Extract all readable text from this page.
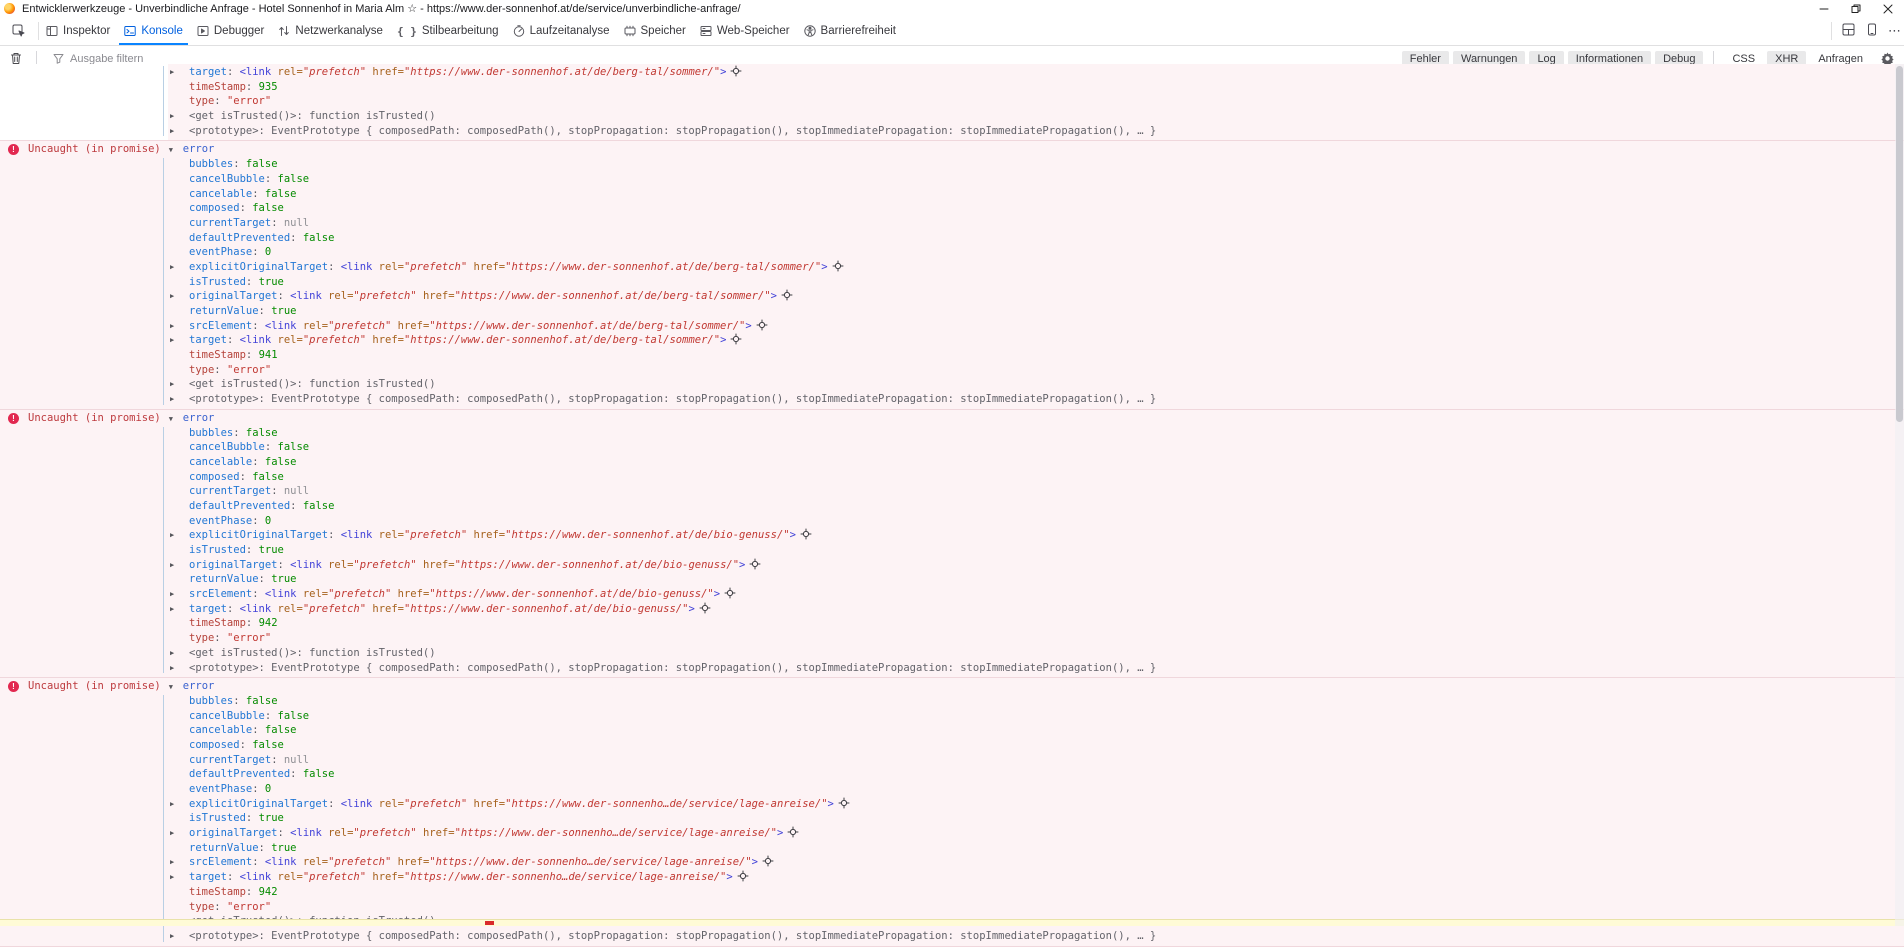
Entwicklerwerkzeuge - Unverbindliche Anfrage - Hotel Sonnenhof in Maria Alm ☆ - https://www.der-sonnenhof.at/de/service/unverbindliche-anfrage/
Inspektor	Konsole	Debugger	Netzwerkanalyse { } Stilbearbeitung	Laufzeitanalyse	Speicher	Web-Speicher	Barrierefreiheit	⋯
Ausgabe filtern	Fehler	Warnungen	Log	Informationen	Debug	CSS	XHR	Anfragen
▶	target: <link rel="prefetch" href="https://www.der-sonnenhof.at/de/berg-tal/sommer/">
timeStamp: 935
type: "error"
▶	<get isTrusted()>: function isTrusted()
▶	<prototype>: EventPrototype { composedPath: composedPath(), stopPropagation: stopPropagation(), stopImmediatePropagation: stopImmediatePropagation(), … }
!	Uncaught (in promise) ▼ error
bubbles: false
cancelBubble: false
cancelable: false
composed: false
currentTarget: null
defaultPrevented: false
eventPhase: 0
▶	explicitOriginalTarget: <link rel="prefetch" href="https://www.der-sonnenhof.at/de/berg-tal/sommer/">
isTrusted: true
▶	originalTarget: <link rel="prefetch" href="https://www.der-sonnenhof.at/de/berg-tal/sommer/">
returnValue: true
▶	srcElement: <link rel="prefetch" href="https://www.der-sonnenhof.at/de/berg-tal/sommer/">
▶	target: <link rel="prefetch" href="https://www.der-sonnenhof.at/de/berg-tal/sommer/">
timeStamp: 941
type: "error"
▶	<get isTrusted()>: function isTrusted()
▶	<prototype>: EventPrototype { composedPath: composedPath(), stopPropagation: stopPropagation(), stopImmediatePropagation: stopImmediatePropagation(), … }
!	Uncaught (in promise) ▼ error
bubbles: false
cancelBubble: false
cancelable: false
composed: false
currentTarget: null
defaultPrevented: false
eventPhase: 0
▶	explicitOriginalTarget: <link rel="prefetch" href="https://www.der-sonnenhof.at/de/bio-genuss/">
isTrusted: true
▶	originalTarget: <link rel="prefetch" href="https://www.der-sonnenhof.at/de/bio-genuss/">
returnValue: true
▶	srcElement: <link rel="prefetch" href="https://www.der-sonnenhof.at/de/bio-genuss/">
▶	target: <link rel="prefetch" href="https://www.der-sonnenhof.at/de/bio-genuss/">
timeStamp: 942
type: "error"
▶	<get isTrusted()>: function isTrusted()
▶	<prototype>: EventPrototype { composedPath: composedPath(), stopPropagation: stopPropagation(), stopImmediatePropagation: stopImmediatePropagation(), … }
!	Uncaught (in promise) ▼ error
bubbles: false
cancelBubble: false
cancelable: false
composed: false
currentTarget: null
defaultPrevented: false
eventPhase: 0
▶	explicitOriginalTarget: <link rel="prefetch" href="https://www.der-sonnenho…de/service/lage-anreise/">
isTrusted: true
▶	originalTarget: <link rel="prefetch" href="https://www.der-sonnenho…de/service/lage-anreise/">
returnValue: true
▶	srcElement: <link rel="prefetch" href="https://www.der-sonnenho…de/service/lage-anreise/">
▶	target: <link rel="prefetch" href="https://www.der-sonnenho…de/service/lage-anreise/">
timeStamp: 942
type: "error"
▶	<prototype>: EventPrototype { composedPath: composedPath(), stopPropagation: stopPropagation(), stopImmediatePropagation: stopImmediatePropagation(), … }
